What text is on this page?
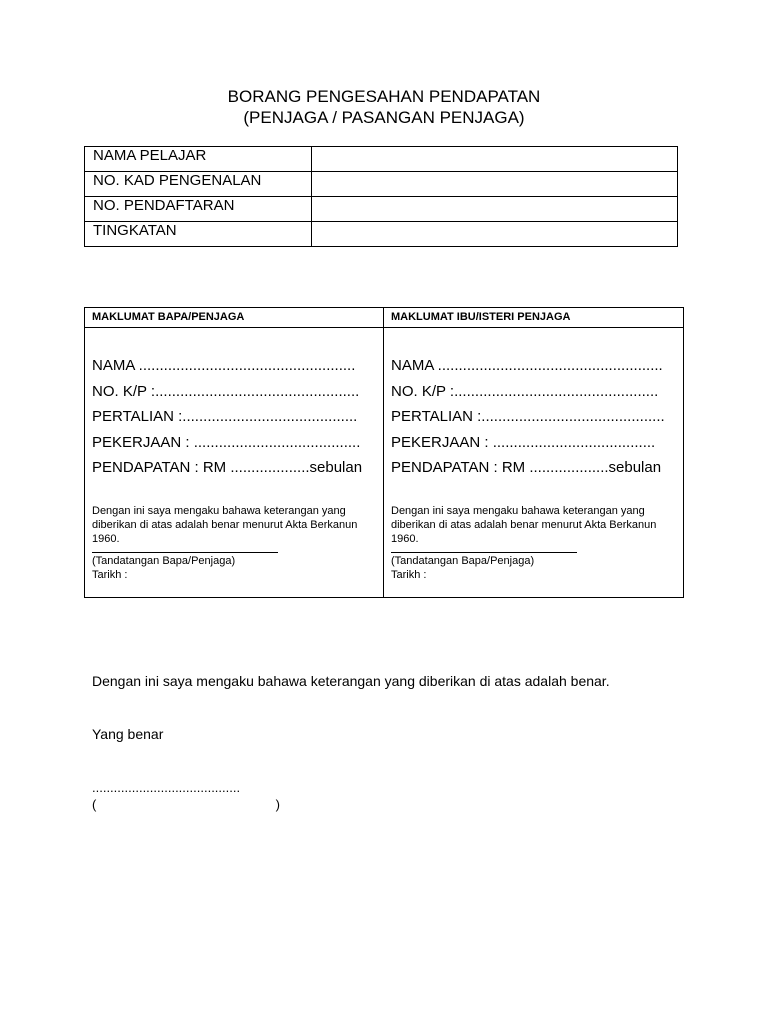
BORANG PENGESAHAN PENDAPATAN
(PENJAGA / PASANGAN PENJAGA)
NAMA PELAJAR	
NO. KAD PENGENALAN	
NO. PENDAFTARAN	
TINGKATAN	
MAKLUMAT BAPA/PENJAGA
NAMA ....................................................
NO. K/P :.................................................
PERTALIAN :..........................................
PEKERJAAN : ........................................
PENDAPATAN : RM ...................sebulan
Dengan ini saya mengaku bahawa keterangan yang diberikan di atas adalah benar menurut Akta Berkanun 1960.
(Tandatangan Bapa/Penjaga)
Tarikh :
MAKLUMAT IBU/ISTERI PENJAGA
NAMA ......................................................
NO. K/P :.................................................
PERTALIAN :............................................
PEKERJAAN : .......................................
PENDAPATAN : RM ...................sebulan
Dengan ini saya mengaku bahawa keterangan yang diberikan di atas adalah benar menurut Akta Berkanun 1960.
(Tandatangan Bapa/Penjaga)
Tarikh :
Dengan ini saya mengaku bahawa keterangan yang diberikan di atas adalah benar.
Yang benar
.........................................
(	)
